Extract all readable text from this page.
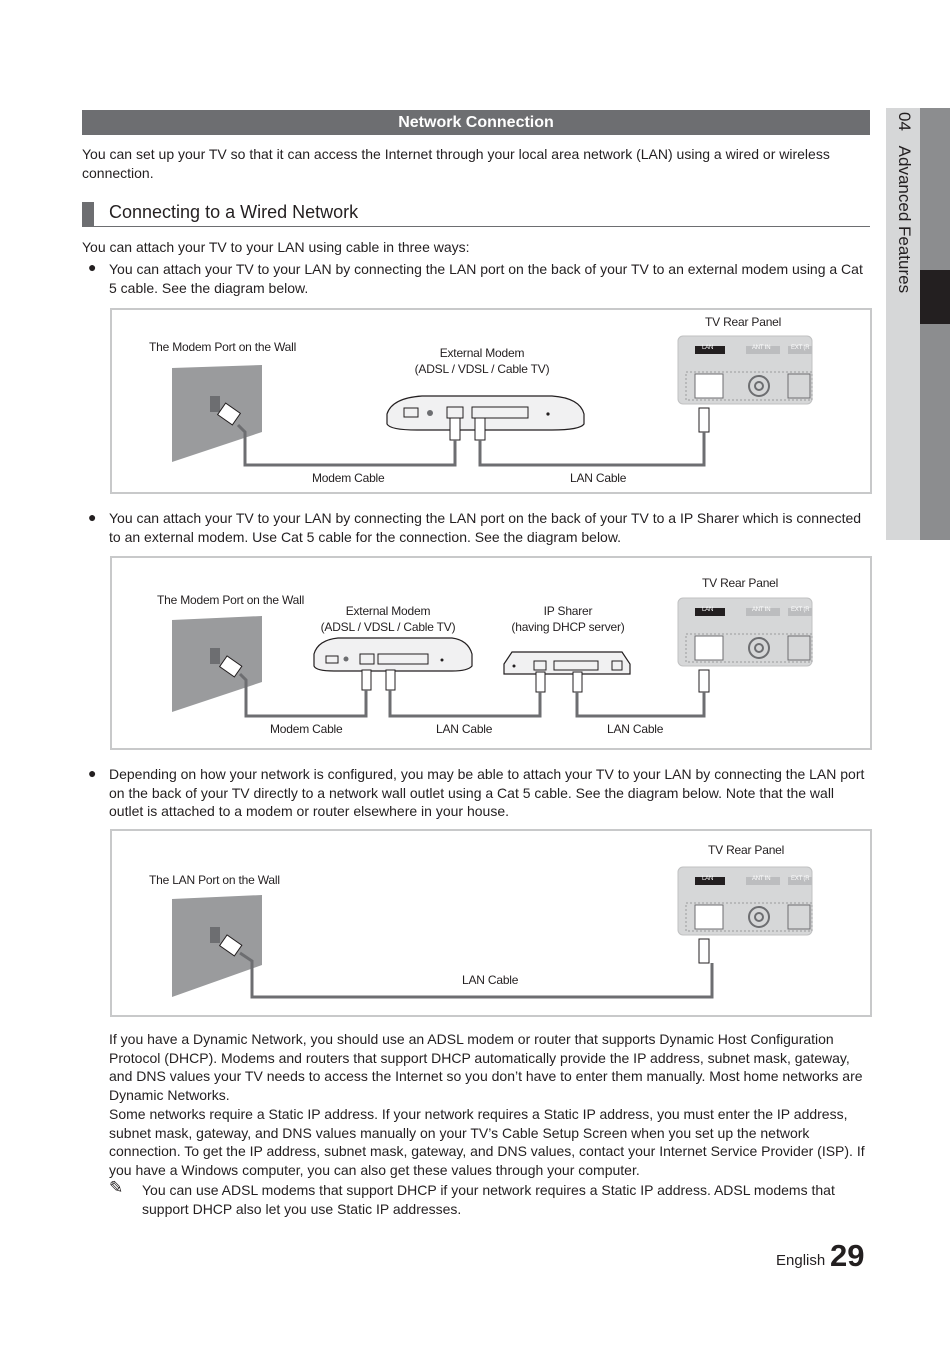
04 Advanced Features
Network Connection
You can set up your TV so that it can access the Internet through your local area network (LAN) using a wired or wireless connection.
Connecting to a Wired Network
You can attach your TV to your LAN using cable in three ways:
● You can attach your TV to your LAN by connecting the LAN port on the back of your TV to an external modem using a Cat 5 cable. See the diagram below.
TV Rear Panel
The Modem Port on the Wall	External Modem
(ADSL / VDSL / Cable TV)
Modem Cable	LAN Cable
LAN	ANT IN	EXT (R
● You can attach your TV to your LAN by connecting the LAN port on the back of your TV to a IP Sharer which is connected to an external modem. Use Cat 5 cable for the connection. See the diagram below.
TV Rear Panel
The Modem Port on the Wall
External Modem
(ADSL / VDSL / Cable TV)
IP Sharer
(having DHCP server)
Modem Cable	LAN Cable	LAN Cable
LAN	ANT IN	EXT (R
● Depending on how your network is configured, you may be able to attach your TV to your LAN by connecting the LAN port on the back of your TV directly to a network wall outlet using a Cat 5 cable. See the diagram below. Note that the wall outlet is attached to a modem or router elsewhere in your house.
TV Rear Panel
The LAN Port on the Wall
LAN Cable
LAN	ANT IN	EXT (R
If you have a Dynamic Network, you should use an ADSL modem or router that supports Dynamic Host Configuration Protocol (DHCP). Modems and routers that support DHCP automatically provide the IP address, subnet mask, gateway, and DNS values your TV needs to access the Internet so you don’t have to enter them manually. Most home networks are Dynamic Networks.
Some networks require a Static IP address. If your network requires a Static IP address, you must enter the IP address, subnet mask, gateway, and DNS values manually on your TV’s Cable Setup Screen when you set up the network connection. To get the IP address, subnet mask, gateway, and DNS values, contact your Internet Service Provider (ISP). If you have a Windows computer, you can also get these values through your computer.
✎ You can use ADSL modems that support DHCP if your network requires a Static IP address. ADSL modems that support DHCP also let you use Static IP addresses.
English 29
